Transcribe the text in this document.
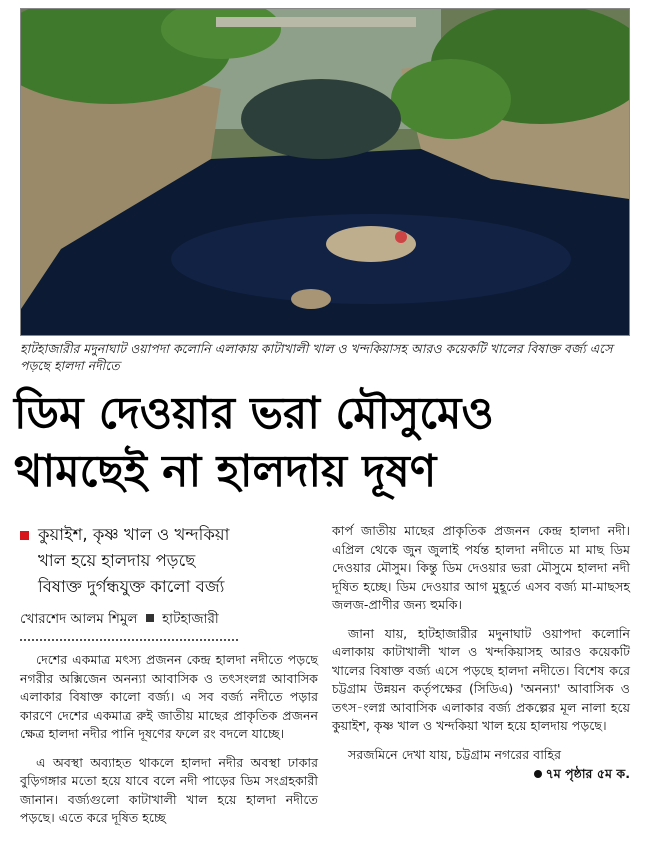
হাটহাজারীর মদুনাঘাট ওয়াপদা কলোনি এলাকায় কাটাখালী খাল ও খন্দকিয়াসহ আরও কয়েকটি খালের বিষাক্ত বর্জ্য এসে পড়ছে হালদা নদীতে
ডিম দেওয়ার ভরা মৌসুমেও
থামছেই না হালদায় দূষণ
কুয়াইশ, কৃষ্ণ খাল ও খন্দকিয়া
খাল হয়ে হালদায় পড়ছে
বিষাক্ত দুর্গন্ধযুক্ত কালো বর্জ্য
খোরশেদ আলম শিমুল হাটহাজারী

দেশের একমাত্র মৎস্য প্রজনন কেন্দ্র হালদা নদীতে পড়ছে নগরীর অক্সিজেন অনন্যা আবাসিক ও তৎসংলগ্ন আবাসিক এলাকার বিষাক্ত কালো বর্জ্য। এ সব বর্জ্য নদীতে পড়ার কারণে দেশের একমাত্র রুই জাতীয় মাছের প্রাকৃতিক প্রজনন ক্ষেত্র হালদা নদীর পানি দূষণের ফলে রং বদলে যাচ্ছে।

এ অবস্থা অব্যাহত থাকলে হালদা নদীর অবস্থা ঢাকার বুড়িগঙ্গার মতো হয়ে যাবে বলে নদী পাড়ের ডিম সংগ্রহকারী জানান। বর্জ্যগুলো কাটাখালী খাল হয়ে হালদা নদীতে পড়ছে। এতে করে দূষিত হচ্ছে

কার্প জাতীয় মাছের প্রাকৃতিক প্রজনন কেন্দ্র হালদা নদী। এপ্রিল থেকে জুন জুলাই পর্যন্ত হালদা নদীতে মা মাছ ডিম দেওয়ার মৌসুম। কিন্তু ডিম দেওয়ার ভরা মৌসুমে হালদা নদী দূষিত হচ্ছে। ডিম দেওয়ার আগ মুহূর্তে এসব বর্জ্য মা-মাছসহ জলজ-প্রাণীর জন্য হুমকি।

জানা যায়, হাটহাজারীর মদুনাঘাট ওয়াপদা কলোনি এলাকায় কাটাখালী খাল ও খন্দকিয়াসহ আরও কয়েকটি খালের বিষাক্ত বর্জ্য এসে পড়ছে হালদা নদীতে। বিশেষ করে চট্টগ্রাম উন্নয়ন কর্তৃপক্ষের (সিডিএ) 'অনন্যা' আবাসিক ও তৎস-ংলগ্ন আবাসিক এলাকার বর্জ্য প্রকল্পের মূল নালা হয়ে কুয়াইশ, কৃষ্ণ খাল ও খন্দকিয়া খাল হয়ে হালদায় পড়ছে।

সরজমিনে দেখা যায়, চট্টগ্রাম নগরের বাহির

৭ম পৃষ্ঠার ৫ম ক.
